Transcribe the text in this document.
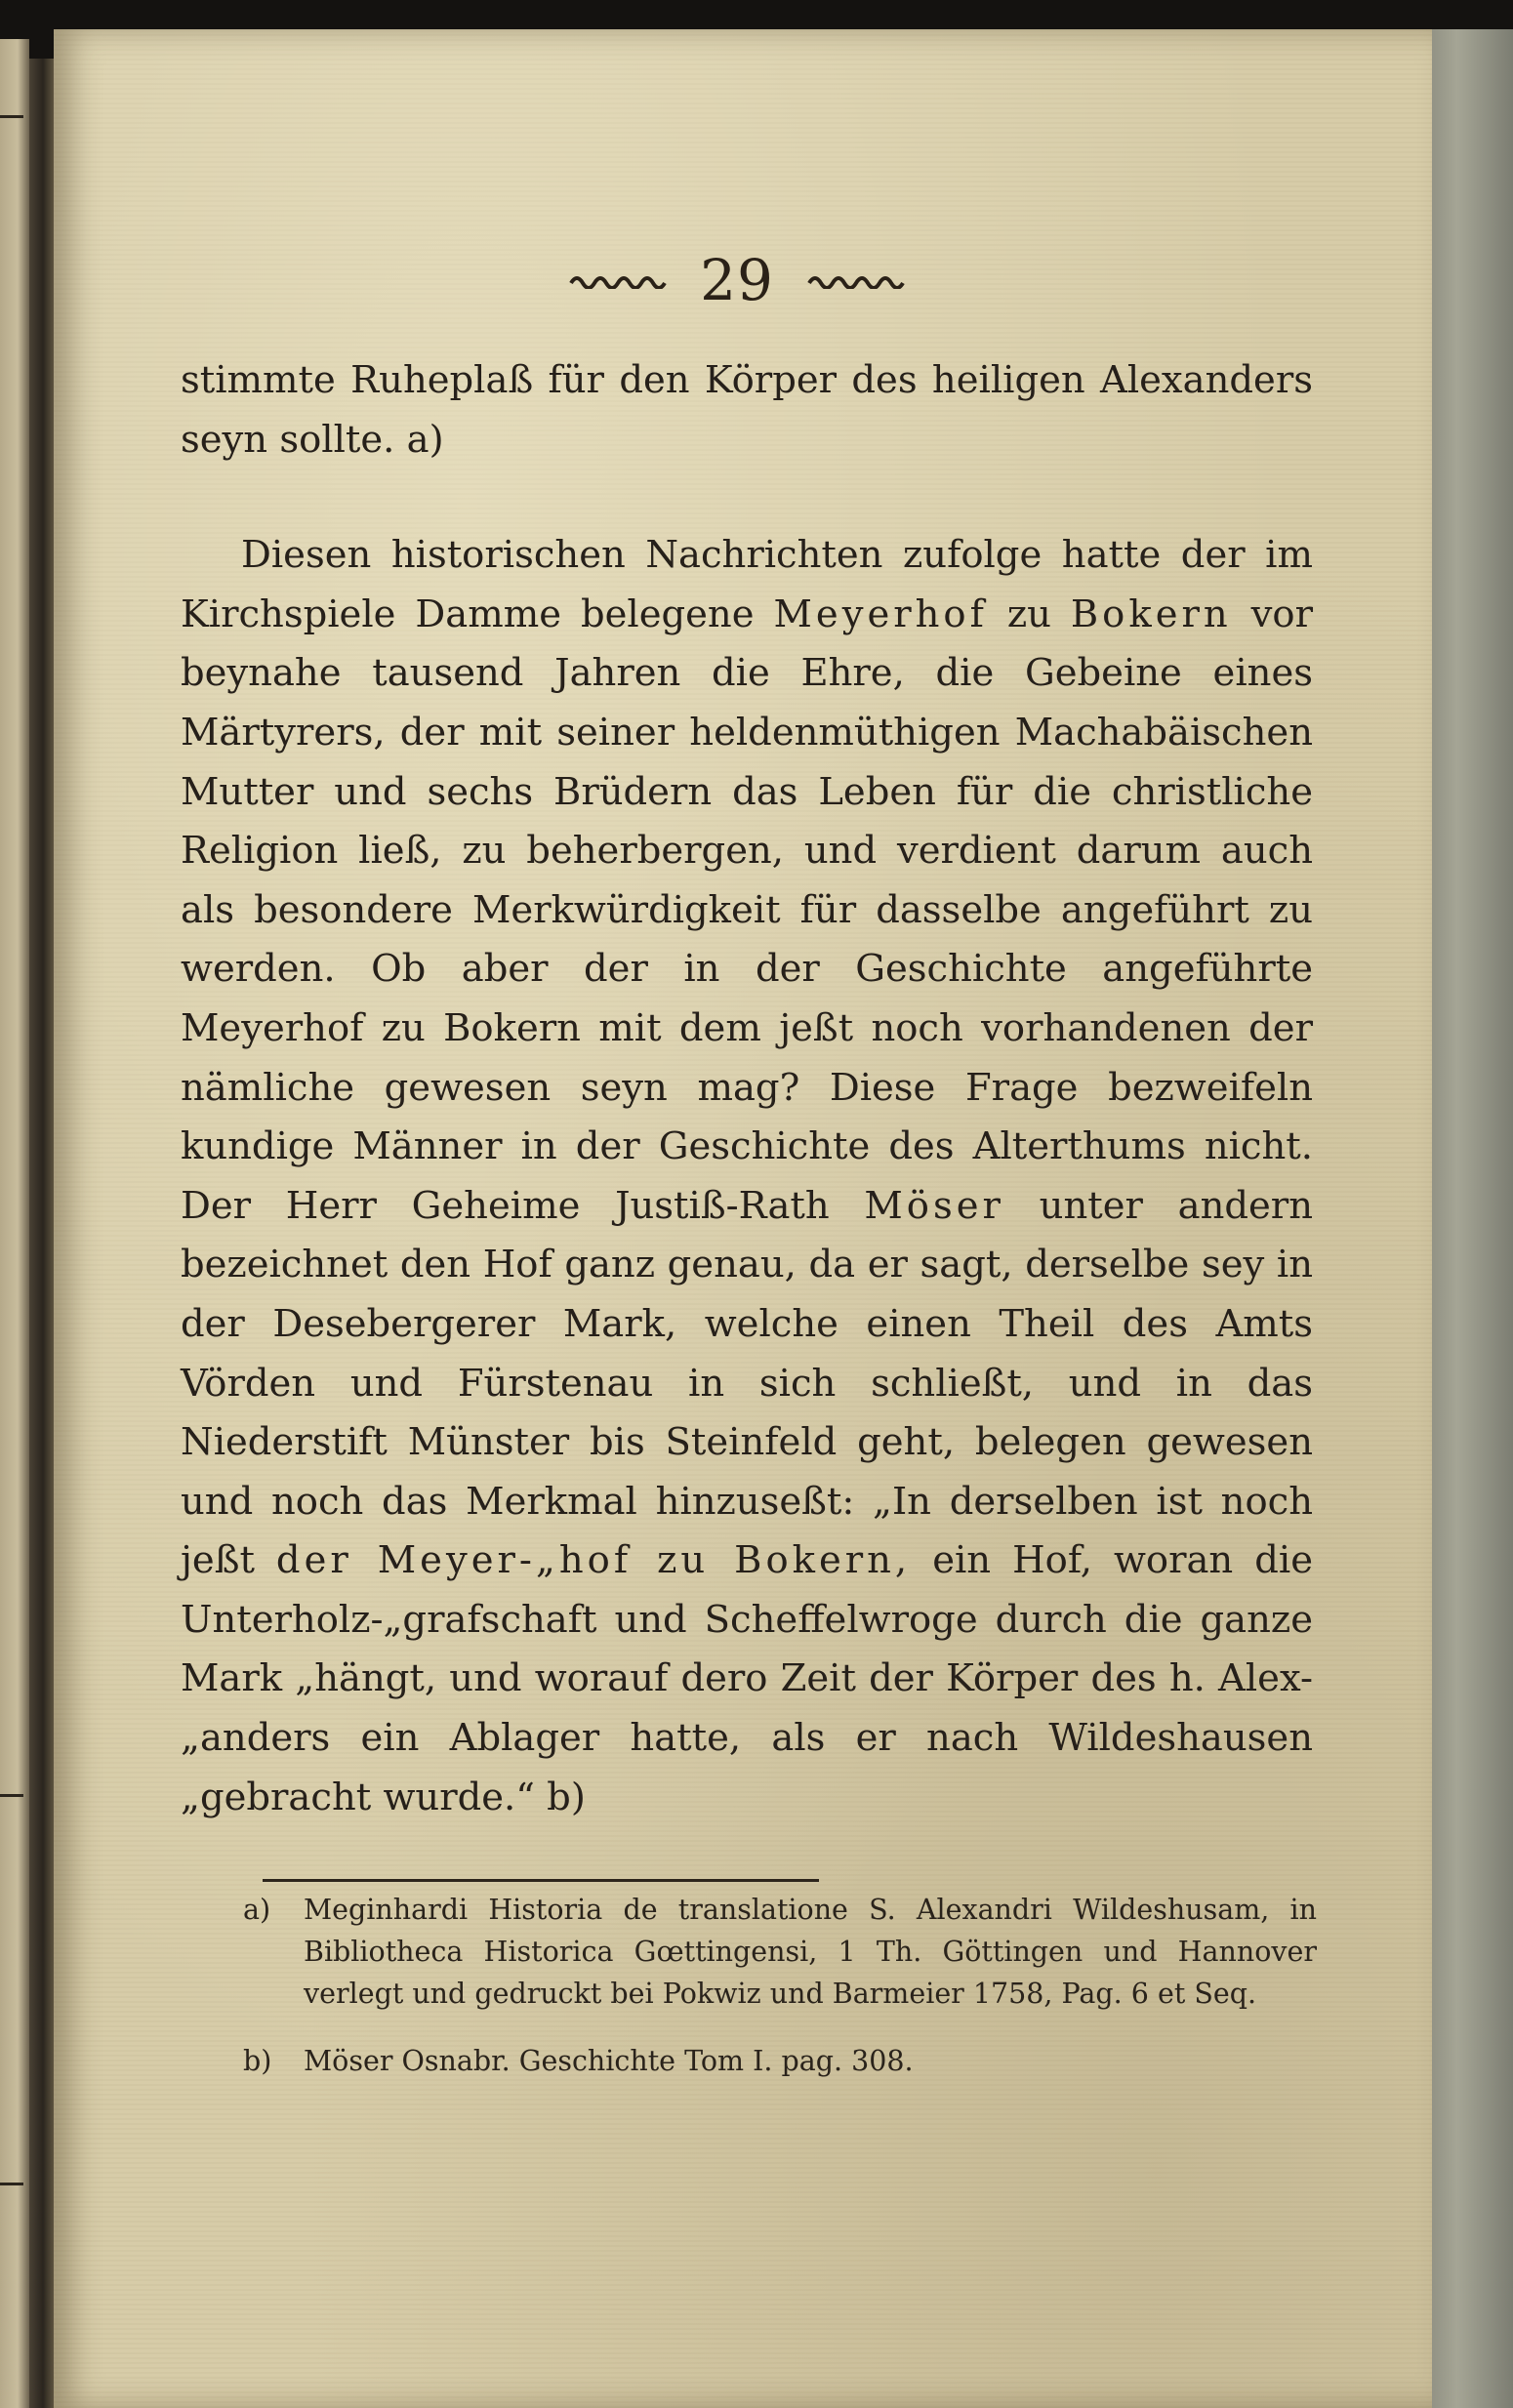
29

stimmte Ruheplaß für den Körper des heiligen Alexanders seyn sollte. a)

Diesen historischen Nachrichten zufolge hatte der im Kirchspiele Damme belegene Meyerhof zu Bokern vor beynahe tausend Jahren die Ehre, die Gebeine eines Märtyrers, der mit seiner heldenmüthigen Machabäischen Mutter und sechs Brüdern das Leben für die christliche Religion ließ, zu beherbergen, und verdient darum auch als besondere Merkwürdigkeit für dasselbe angeführt zu werden. Ob aber der in der Geschichte angeführte Meyerhof zu Bokern mit dem jeßt noch vorhandenen der nämliche gewesen seyn mag? Diese Frage bezweifeln kundige Männer in der Geschichte des Alterthums nicht. Der Herr Geheime Justiß-Rath Möser unter andern bezeichnet den Hof ganz genau, da er sagt, derselbe sey in der Desebergerer Mark, welche einen Theil des Amts Vörden und Fürstenau in sich schließt, und in das Niederstift Münster bis Steinfeld geht, belegen gewesen und noch das Merkmal hinzuseßt: „In derselben ist noch jeßt der Meyer-„hof zu Bokern, ein Hof, woran die Unterholz-„grafschaft und Scheffelwroge durch die ganze Mark „hängt, und worauf dero Zeit der Körper des h. Alex-„anders ein Ablager hatte, als er nach Wildeshausen „gebracht wurde.“ b)

a) Meginhardi Historia de translatione S. Alexandri Wildeshusam, in Bibliotheca Historica Gœttingensi, 1 Th. Göttingen und Hannover verlegt und gedruckt bei Pokwiz und Barmeier 1758, Pag. 6 et Seq.

b) Möser Osnabr. Geschichte Tom I. pag. 308.
